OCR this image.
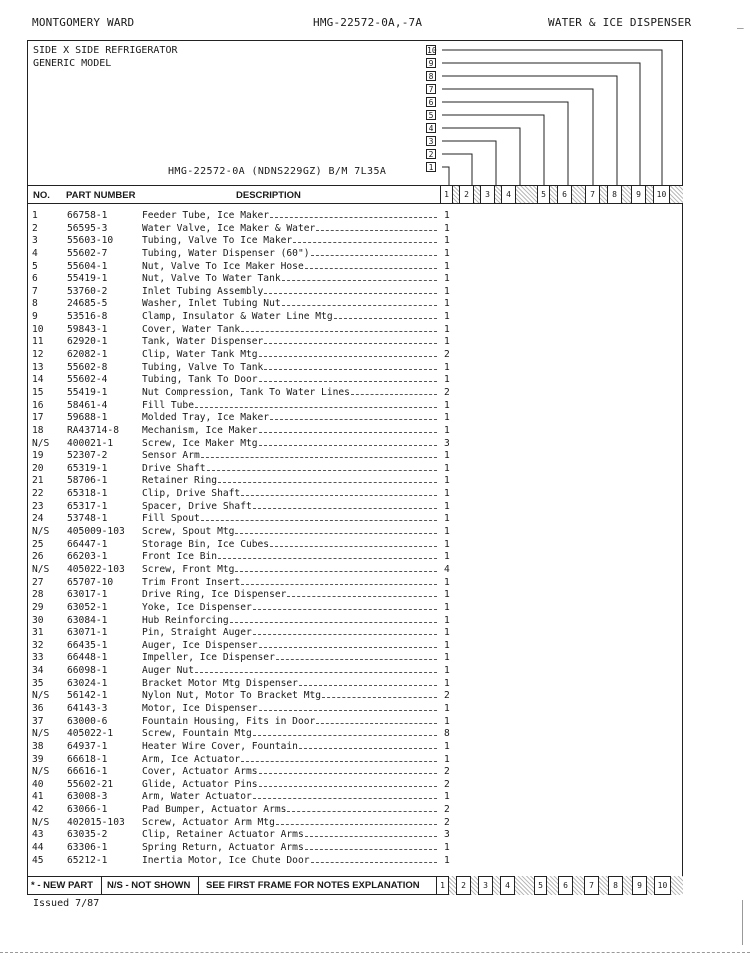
MONTGOMERY WARD	HMG-22572-0A,-7A	WATER & ICE DISPENSER	_
SIDE X SIDE REFRIGERATOR
GENERIC MODEL
HMG-22572-0A (NDNS229GZ) B/M 7L35A
10
9
8
7
6
5
4
3
2
1
NO. PART NUMBER	DESCRIPTION	1	2	3	4	5	6	7	8	9	10
1	66758-1	Feeder Tube, Ice Maker	1
2	56595-3	Water Valve, Ice Maker & Water	1
3	55603-10	Tubing, Valve To Ice Maker	1
4	55602-7	Tubing, Water Dispenser (60")	1
5	55604-1	Nut, Valve To Ice Maker Hose	1
6	55419-1	Nut, Valve To Water Tank	1
7	53760-2	Inlet Tubing Assembly	1
8	24685-5	Washer, Inlet Tubing Nut	1
9	53516-8	Clamp, Insulator & Water Line Mtg	1
10 59843-1	Cover, Water Tank	1
11 62920-1	Tank, Water Dispenser	1
12 62082-1	Clip, Water Tank Mtg	2
13 55602-8	Tubing, Valve To Tank	1
14 55602-4	Tubing, Tank To Door	1
15 55419-1	Nut Compression, Tank To Water Lines	2
16 58461-4	Fill Tube	1
17 59688-1	Molded Tray, Ice Maker	1
18 RA43714-8 Mechanism, Ice Maker	1
N/S 400021-1	Screw, Ice Maker Mtg	3
19 52307-2	Sensor Arm	1
20 65319-1	Drive Shaft	1
21 58706-1	Retainer Ring	1
22 65318-1	Clip, Drive Shaft	1
23 65317-1	Spacer, Drive Shaft	1
24 53748-1	Fill Spout	1
N/S 405009-103 Screw, Spout Mtg	1
25 66447-1	Storage Bin, Ice Cubes	1
26 66203-1	Front Ice Bin	1
N/S 405022-103 Screw, Front Mtg	4
27 65707-10	Trim Front Insert	1
28 63017-1	Drive Ring, Ice Dispenser	1
29 63052-1	Yoke, Ice Dispenser	1
30 63084-1	Hub Reinforcing	1
31 63071-1	Pin, Straight Auger	1
32 66435-1	Auger, Ice Dispenser	1
33 66448-1	Impeller, Ice Dispenser	1
34 66098-1	Auger Nut	1
35 63024-1	Bracket Motor Mtg Dispenser	1
N/S 56142-1	Nylon Nut, Motor To Bracket Mtg	2
36 64143-3	Motor, Ice Dispenser	1
37 63000-6	Fountain Housing, Fits in Door	1
N/S 405022-1	Screw, Fountain Mtg	8
38 64937-1	Heater Wire Cover, Fountain	1
39 66618-1	Arm, Ice Actuator	1
N/S 66616-1	Cover, Actuator Arms	2
40 55602-21	Glide, Actuator Pins	2
41 63008-3	Arm, Water Actuator	1
42 63066-1	Pad Bumper, Actuator Arms	2
N/S 402015-103 Screw, Actuator Arm Mtg	2
43 63035-2	Clip, Retainer Actuator Arms	3
44 63306-1	Spring Return, Actuator Arms	1
45 65212-1	Inertia Motor, Ice Chute Door	1
* - NEW PART N/S - NOT SHOWN SEE FIRST FRAME FOR NOTES EXPLANATION	1	2	3	4	5	6	7	8	9	10
Issued 7/87
